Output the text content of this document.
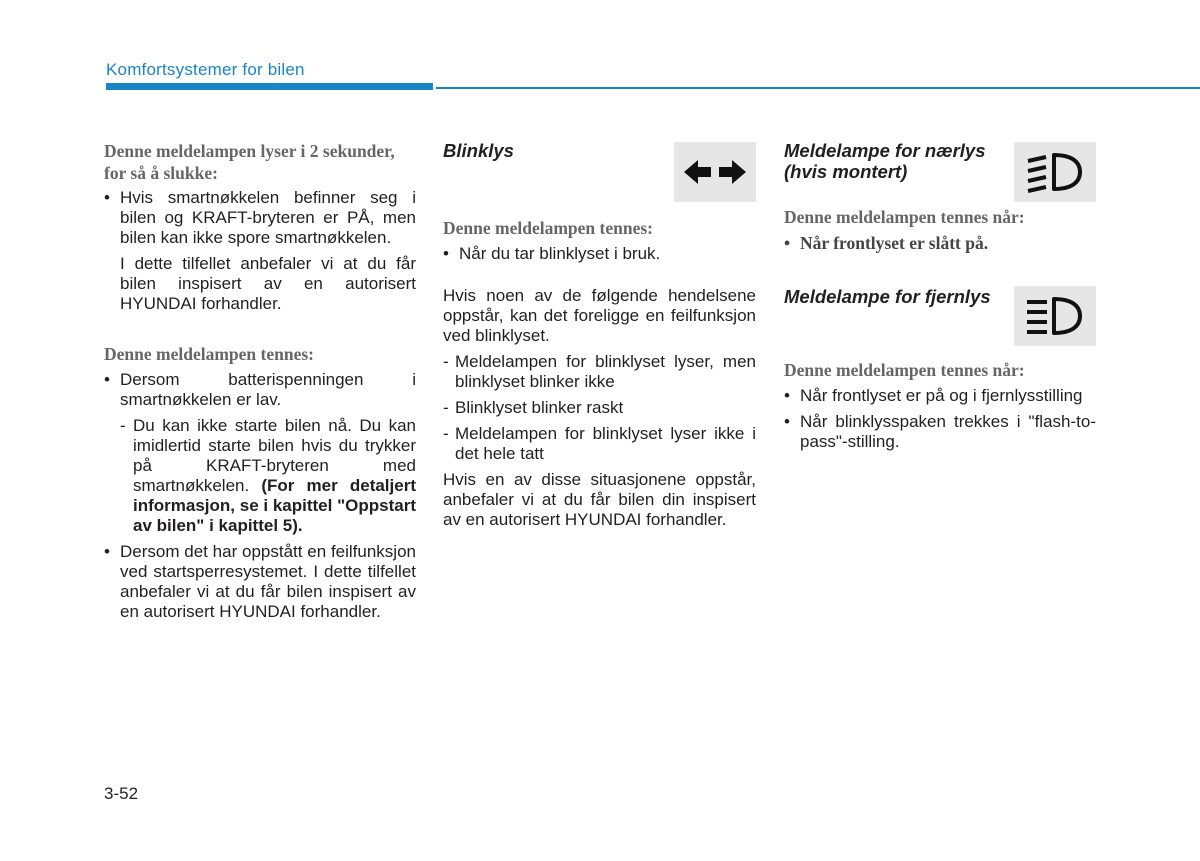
Komfortsystemer for bilen
Denne meldelampen lyser i 2 sekunder, for så å slukke:
• Hvis smartnøkkelen befinner seg i bilen og KRAFT-bryteren er PÅ, men bilen kan ikke spore smartnøkkelen.
I dette tilfellet anbefaler vi at du får bilen inspisert av en autorisert HYUNDAI forhandler.
Denne meldelampen tennes:
• Dersom batterispenningen i smartnøkkelen er lav.
- Du kan ikke starte bilen nå. Du kan imidlertid starte bilen hvis du trykker på KRAFT-bryteren med smartnøkkelen. (For mer detaljert informasjon, se i kapittel "Oppstart av bilen" i kapittel 5).
• Dersom det har oppstått en feilfunksjon ved startsperresystemet. I dette tilfellet anbefaler vi at du får bilen inspisert av en autorisert HYUNDAI forhandler.
Blinklys
Denne meldelampen tennes:
• Når du tar blinklyset i bruk.
Hvis noen av de følgende hendelsene oppstår, kan det foreligge en feilfunksjon ved blinklyset.
- Meldelampen for blinklyset lyser, men blinklyset blinker ikke
- Blinklyset blinker raskt
- Meldelampen for blinklyset lyser ikke i det hele tatt
Hvis en av disse situasjonene oppstår, anbefaler vi at du får bilen din inspisert av en autorisert HYUNDAI forhandler.
Meldelampe for nærlys (hvis montert)
Denne meldelampen tennes når:
• Når frontlyset er slått på.
Meldelampe for fjernlys
Denne meldelampen tennes når:
• Når frontlyset er på og i fjernlysstilling
• Når blinklysspaken trekkes i "flash-to-pass"-stilling.
3-52
